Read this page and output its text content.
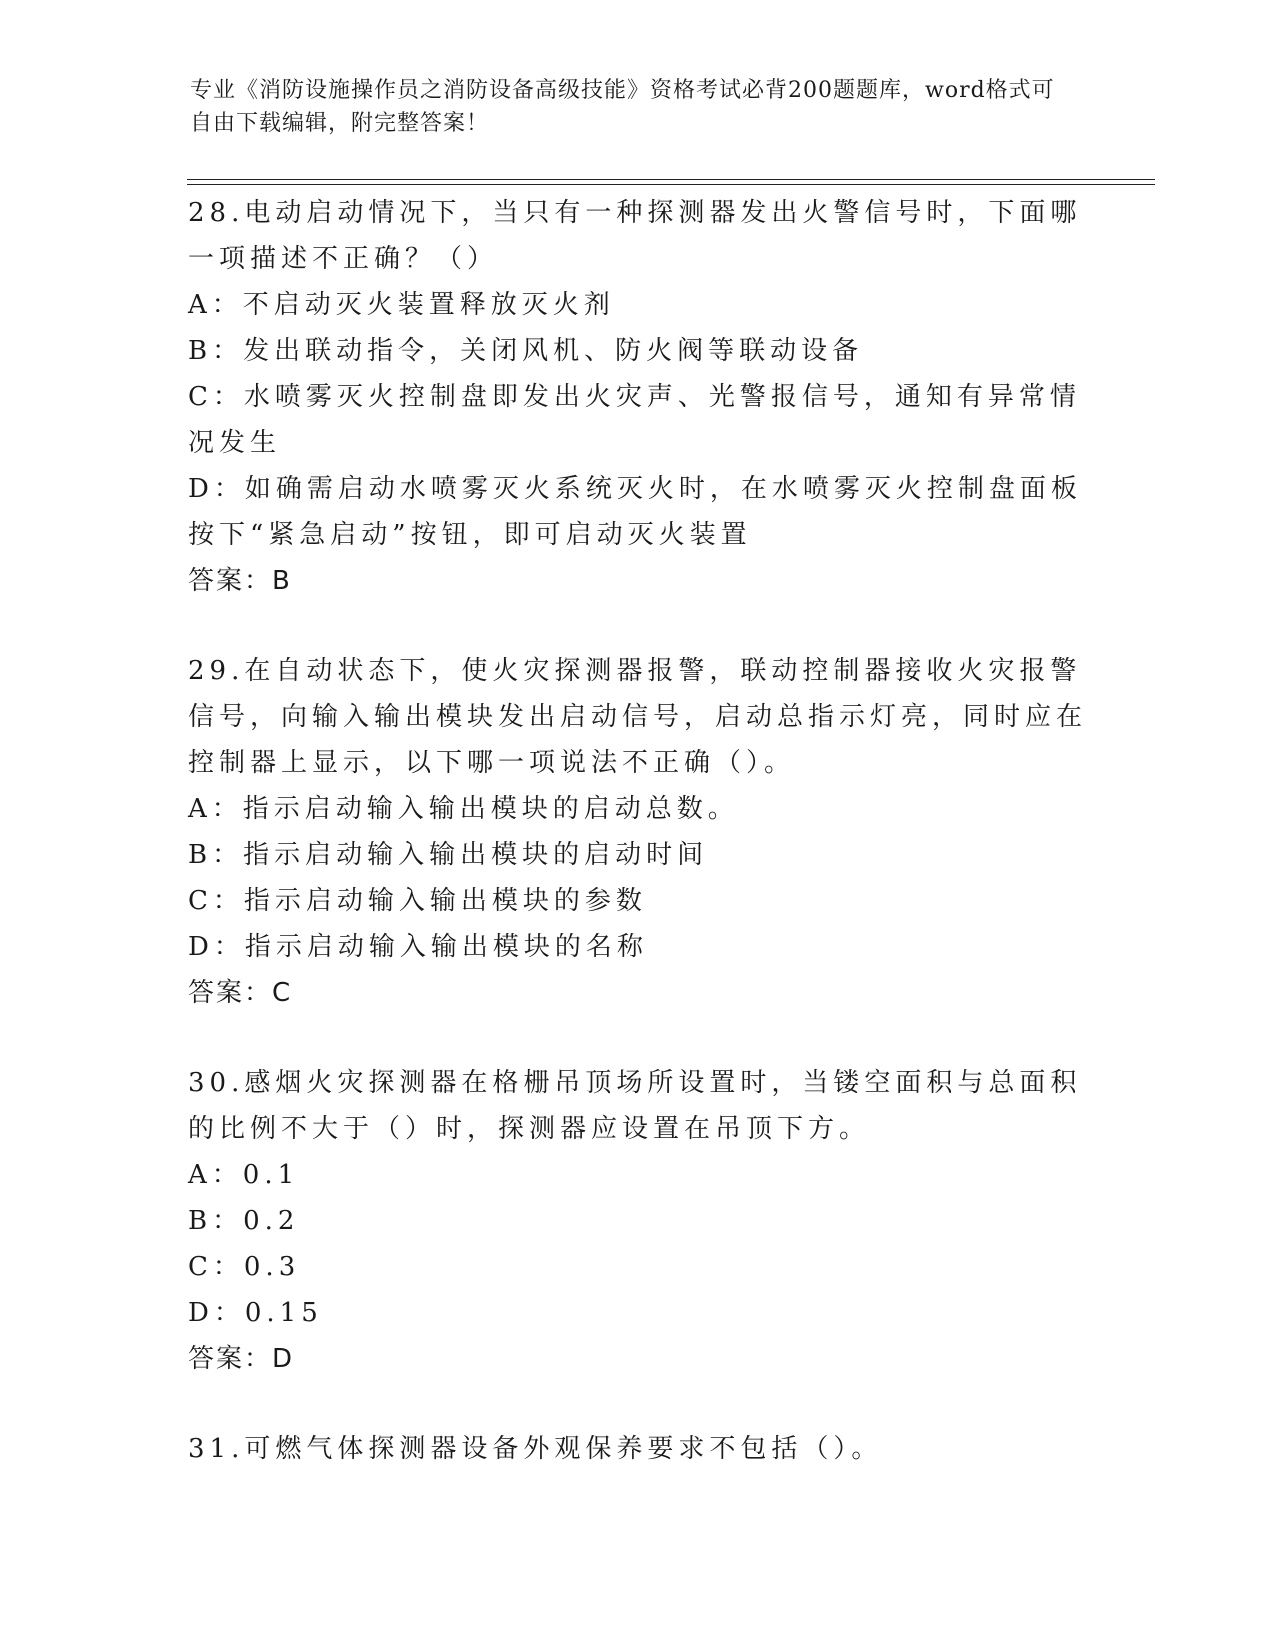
专业《消防设施操作员之消防设备高级技能》资格考试必背200题题库，word格式可自由下载编辑，附完整答案！
28.电动启动情况下，当只有一种探测器发出火警信号时，下面哪一项描述不正确？（）
A：不启动灭火装置释放灭火剂
B：发出联动指令，关闭风机、防火阀等联动设备
C：水喷雾灭火控制盘即发出火灾声、光警报信号，通知有异常情况发生
D：如确需启动水喷雾灭火系统灭火时，在水喷雾灭火控制盘面板按下“紧急启动”按钮，即可启动灭火装置
答案：B
29.在自动状态下，使火灾探测器报警，联动控制器接收火灾报警信号，向输入输出模块发出启动信号，启动总指示灯亮，同时应在控制器上显示，以下哪一项说法不正确（）。
A：指示启动输入输出模块的启动总数。
B：指示启动输入输出模块的启动时间
C：指示启动输入输出模块的参数
D：指示启动输入输出模块的名称
答案：C
30.感烟火灾探测器在格栅吊顶场所设置时，当镂空面积与总面积的比例不大于（）时，探测器应设置在吊顶下方。
A：0.1
B：0.2
C：0.3
D：0.15
答案：D
31.可燃气体探测器设备外观保养要求不包括（）。
